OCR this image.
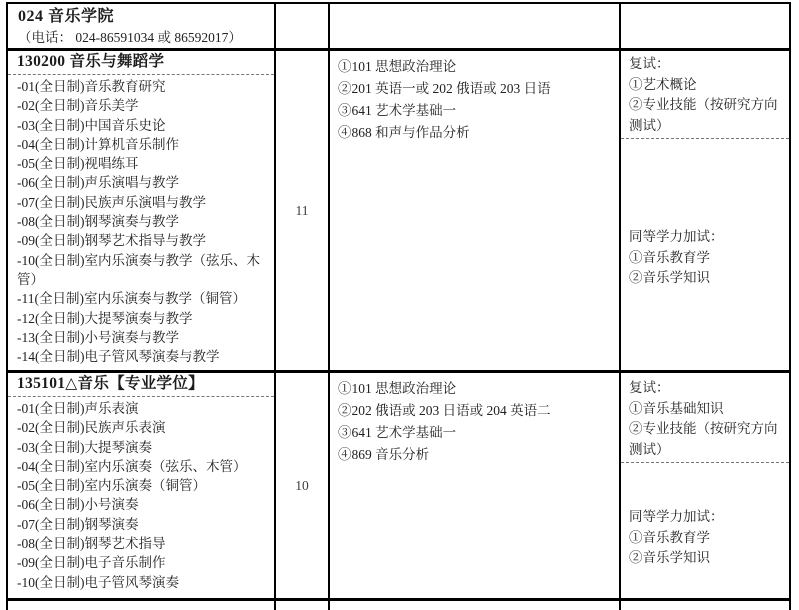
024 音乐学院
（电话： 024-86591034 或 86592017）
130200 音乐与舞蹈学
-01(全日制)音乐教育研究
-02(全日制)音乐美学
-03(全日制)中国音乐史论
-04(全日制)计算机音乐制作
-05(全日制)视唱练耳
-06(全日制)声乐演唱与教学
-07(全日制)民族声乐演唱与教学
-08(全日制)钢琴演奏与教学
-09(全日制)钢琴艺术指导与教学
-10(全日制)室内乐演奏与教学（弦乐、木管）
-11(全日制)室内乐演奏与教学（铜管）
-12(全日制)大提琴演奏与教学
-13(全日制)小号演奏与教学
-14(全日制)电子管风琴演奏与教学
11
①101 思想政治理论
②201 英语一或 202 俄语或 203 日语
③641 艺术学基础一
④868 和声与作品分析
复试：
①艺术概论
②专业技能（按研究方向测试）
同等学力加试：
①音乐教育学
②音乐学知识
135101△音乐【专业学位】
-01(全日制)声乐表演
-02(全日制)民族声乐表演
-03(全日制)大提琴演奏
-04(全日制)室内乐演奏（弦乐、木管）
-05(全日制)室内乐演奏（铜管）
-06(全日制)小号演奏
-07(全日制)钢琴演奏
-08(全日制)钢琴艺术指导
-09(全日制)电子音乐制作
-10(全日制)电子管风琴演奏
10
①101 思想政治理论
②202 俄语或 203 日语或 204 英语二
③641 艺术学基础一
④869 音乐分析
复试：
①音乐基础知识
②专业技能（按研究方向测试）
同等学力加试：
①音乐教育学
②音乐学知识
